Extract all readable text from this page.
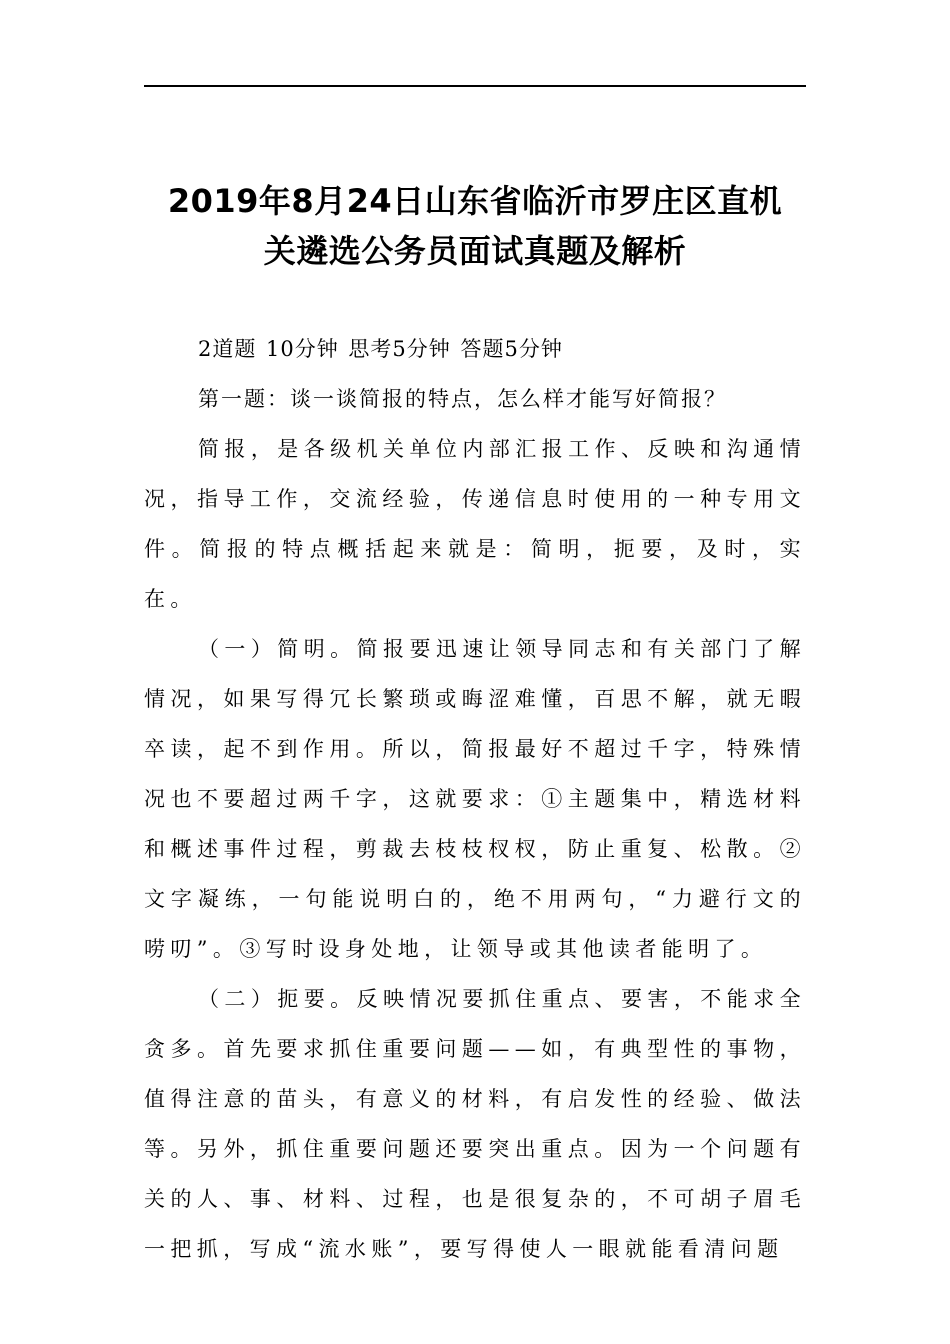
2019年8月24日山东省临沂市罗庄区直机
关遴选公务员面试真题及解析

2道题 10分钟 思考5分钟 答题5分钟

第一题：谈一谈简报的特点，怎么样才能写好简报？

简报，是各级机关单位内部汇报工作、反映和沟通情况，指导工作，交流经验，传递信息时使用的一种专用文件。简报的特点概括起来就是：简明，扼要，及时，实在。

（一）简明。简报要迅速让领导同志和有关部门了解情况，如果写得冗长繁琐或晦涩难懂，百思不解，就无暇卒读，起不到作用。所以，简报最好不超过千字，特殊情况也不要超过两千字，这就要求：①主题集中，精选材料和概述事件过程，剪裁去枝枝杈杈，防止重复、松散。②文字凝练，一句能说明白的，绝不用两句，“力避行文的唠叨”。③写时设身处地，让领导或其他读者能明了。

（二）扼要。反映情况要抓住重点、要害，不能求全贪多。首先要求抓住重要问题——如，有典型性的事物，值得注意的苗头，有意义的材料，有启发性的经验、做法等。另外，抓住重要问题还要突出重点。因为一个问题有关的人、事、材料、过程，也是很复杂的，不可胡子眉毛一把抓，写成“流水账”，要写得使人一眼就能看清问题
